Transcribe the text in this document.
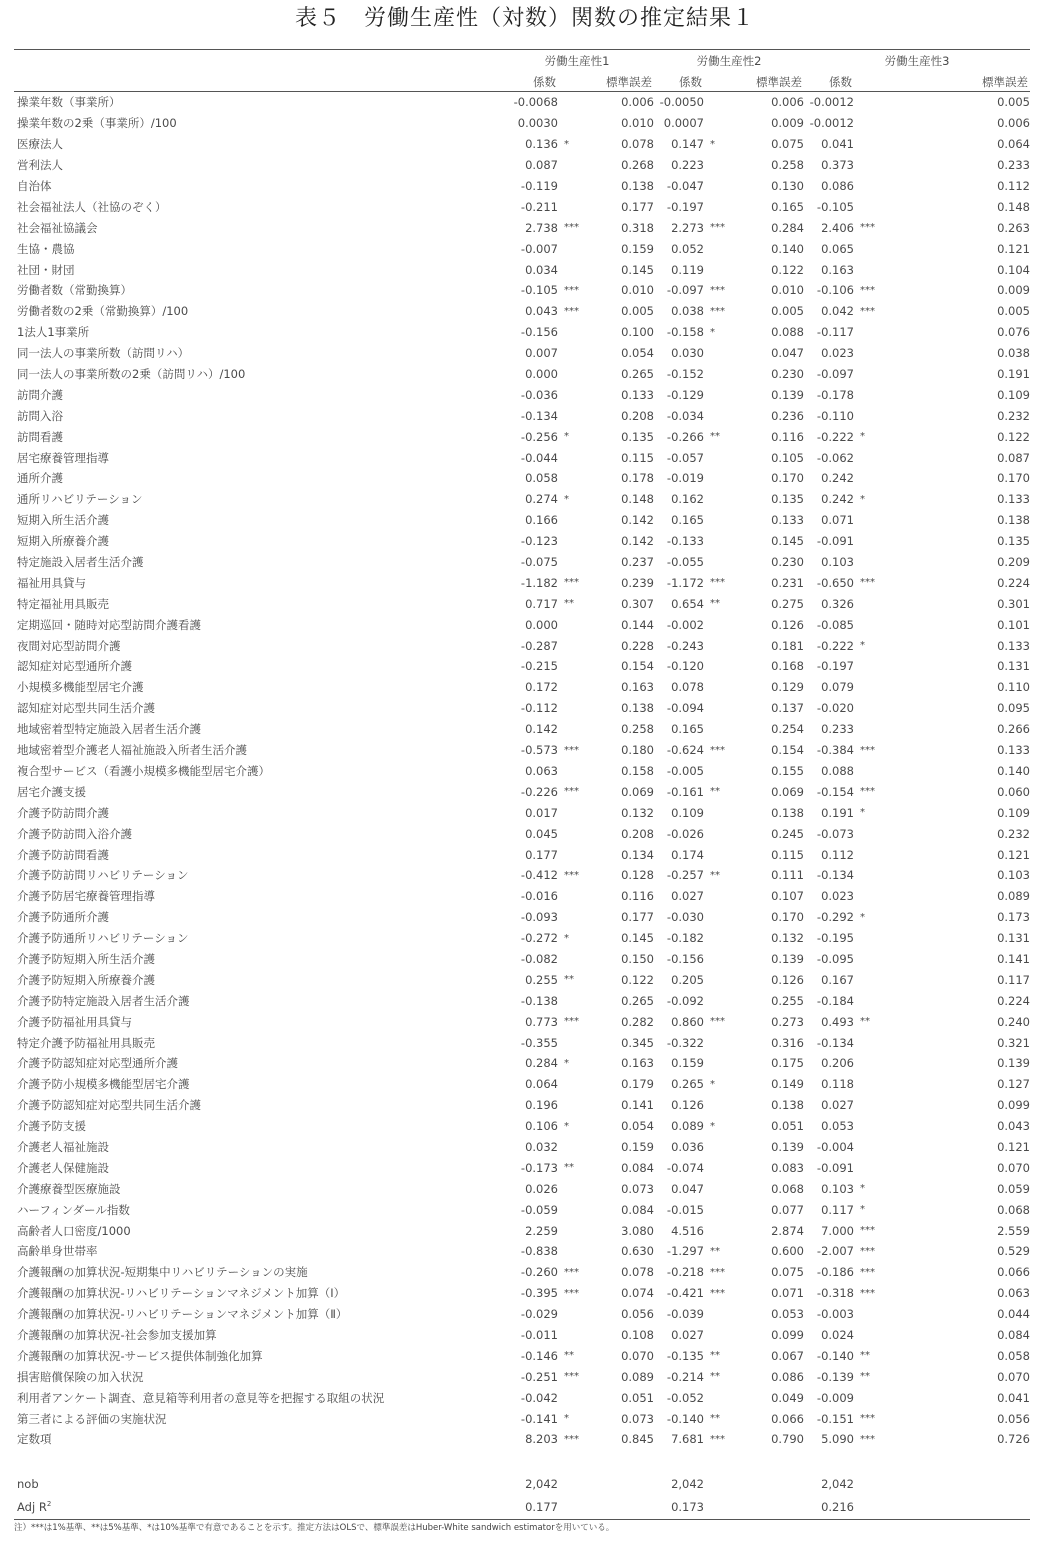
表５　労働生産性（対数）関数の推定結果１
	労働生産性1			労働生産性2			労働生産性3		
	係数	標準誤差		係数	標準誤差		係数	標準誤差	
操業年数（事業所）	-0.0068		0.006	-0.0050		0.006	-0.0012		0.005
操業年数の2乗（事業所）/100	0.0030		0.010	0.0007		0.009	-0.0012		0.006
医療法人	0.136	*	0.078	0.147	*	0.075	0.041		0.064
営利法人	0.087		0.268	0.223		0.258	0.373		0.233
自治体	-0.119		0.138	-0.047		0.130	0.086		0.112
社会福祉法人（社協のぞく）	-0.211		0.177	-0.197		0.165	-0.105		0.148
社会福祉協議会	2.738	***	0.318	2.273	***	0.284	2.406	***	0.263
生協・農協	-0.007		0.159	0.052		0.140	0.065		0.121
社団・財団	0.034		0.145	0.119		0.122	0.163		0.104
労働者数（常勤換算）	-0.105	***	0.010	-0.097	***	0.010	-0.106	***	0.009
労働者数の2乗（常勤換算）/100	0.043	***	0.005	0.038	***	0.005	0.042	***	0.005
1法人1事業所	-0.156		0.100	-0.158	*	0.088	-0.117		0.076
同一法人の事業所数（訪問リハ）	0.007		0.054	0.030		0.047	0.023		0.038
同一法人の事業所数の2乗（訪問リハ）/100	0.000		0.265	-0.152		0.230	-0.097		0.191
訪問介護	-0.036		0.133	-0.129		0.139	-0.178		0.109
訪問入浴	-0.134		0.208	-0.034		0.236	-0.110		0.232
訪問看護	-0.256	*	0.135	-0.266	**	0.116	-0.222	*	0.122
居宅療養管理指導	-0.044		0.115	-0.057		0.105	-0.062		0.087
通所介護	0.058		0.178	-0.019		0.170	0.242		0.170
通所リハビリテーション	0.274	*	0.148	0.162		0.135	0.242	*	0.133
短期入所生活介護	0.166		0.142	0.165		0.133	0.071		0.138
短期入所療養介護	-0.123		0.142	-0.133		0.145	-0.091		0.135
特定施設入居者生活介護	-0.075		0.237	-0.055		0.230	0.103		0.209
福祉用具貸与	-1.182	***	0.239	-1.172	***	0.231	-0.650	***	0.224
特定福祉用具販売	0.717	**	0.307	0.654	**	0.275	0.326		0.301
定期巡回・随時対応型訪問介護看護	0.000		0.144	-0.002		0.126	-0.085		0.101
夜間対応型訪問介護	-0.287		0.228	-0.243		0.181	-0.222	*	0.133
認知症対応型通所介護	-0.215		0.154	-0.120		0.168	-0.197		0.131
小規模多機能型居宅介護	0.172		0.163	0.078		0.129	0.079		0.110
認知症対応型共同生活介護	-0.112		0.138	-0.094		0.137	-0.020		0.095
地域密着型特定施設入居者生活介護	0.142		0.258	0.165		0.254	0.233		0.266
地域密着型介護老人福祉施設入所者生活介護	-0.573	***	0.180	-0.624	***	0.154	-0.384	***	0.133
複合型サービス（看護小規模多機能型居宅介護）	0.063		0.158	-0.005		0.155	0.088		0.140
居宅介護支援	-0.226	***	0.069	-0.161	**	0.069	-0.154	***	0.060
介護予防訪問介護	0.017		0.132	0.109		0.138	0.191	*	0.109
介護予防訪問入浴介護	0.045		0.208	-0.026		0.245	-0.073		0.232
介護予防訪問看護	0.177		0.134	0.174		0.115	0.112		0.121
介護予防訪問リハビリテーション	-0.412	***	0.128	-0.257	**	0.111	-0.134		0.103
介護予防居宅療養管理指導	-0.016		0.116	0.027		0.107	0.023		0.089
介護予防通所介護	-0.093		0.177	-0.030		0.170	-0.292	*	0.173
介護予防通所リハビリテーション	-0.272	*	0.145	-0.182		0.132	-0.195		0.131
介護予防短期入所生活介護	-0.082		0.150	-0.156		0.139	-0.095		0.141
介護予防短期入所療養介護	0.255	**	0.122	0.205		0.126	0.167		0.117
介護予防特定施設入居者生活介護	-0.138		0.265	-0.092		0.255	-0.184		0.224
介護予防福祉用具貸与	0.773	***	0.282	0.860	***	0.273	0.493	**	0.240
特定介護予防福祉用具販売	-0.355		0.345	-0.322		0.316	-0.134		0.321
介護予防認知症対応型通所介護	0.284	*	0.163	0.159		0.175	0.206		0.139
介護予防小規模多機能型居宅介護	0.064		0.179	0.265	*	0.149	0.118		0.127
介護予防認知症対応型共同生活介護	0.196		0.141	0.126		0.138	0.027		0.099
介護予防支援	0.106	*	0.054	0.089	*	0.051	0.053		0.043
介護老人福祉施設	0.032		0.159	0.036		0.139	-0.004		0.121
介護老人保健施設	-0.173	**	0.084	-0.074		0.083	-0.091		0.070
介護療養型医療施設	0.026		0.073	0.047		0.068	0.103	*	0.059
ハーフィンダール指数	-0.059		0.084	-0.015		0.077	0.117	*	0.068
高齢者人口密度/1000	2.259		3.080	4.516		2.874	7.000	***	2.559
高齢単身世帯率	-0.838		0.630	-1.297	**	0.600	-2.007	***	0.529
介護報酬の加算状況-短期集中リハビリテーションの実施	-0.260	***	0.078	-0.218	***	0.075	-0.186	***	0.066
介護報酬の加算状況-リハビリテーションマネジメント加算（Ⅰ）	-0.395	***	0.074	-0.421	***	0.071	-0.318	***	0.063
介護報酬の加算状況-リハビリテーションマネジメント加算（Ⅱ）	-0.029		0.056	-0.039		0.053	-0.003		0.044
介護報酬の加算状況-社会参加支援加算	-0.011		0.108	0.027		0.099	0.024		0.084
介護報酬の加算状況-サービス提供体制強化加算	-0.146	**	0.070	-0.135	**	0.067	-0.140	**	0.058
損害賠償保険の加入状況	-0.251	***	0.089	-0.214	**	0.086	-0.139	**	0.070
利用者アンケート調査、意見箱等利用者の意見等を把握する取組の状況	-0.042		0.051	-0.052		0.049	-0.009		0.041
第三者による評価の実施状況	-0.141	*	0.073	-0.140	**	0.066	-0.151	***	0.056
定数項	8.203	***	0.845	7.681	***	0.790	5.090	***	0.726

nob	2,042			2,042			2,042		
Adj $R^2$	0.177			0.173			0.216		
注）***は1%基準、**は5%基準、*は10%基準で有意であることを示す。推定方法はOLSで、標準誤差はHuber-White sandwich estimatorを用いている。
